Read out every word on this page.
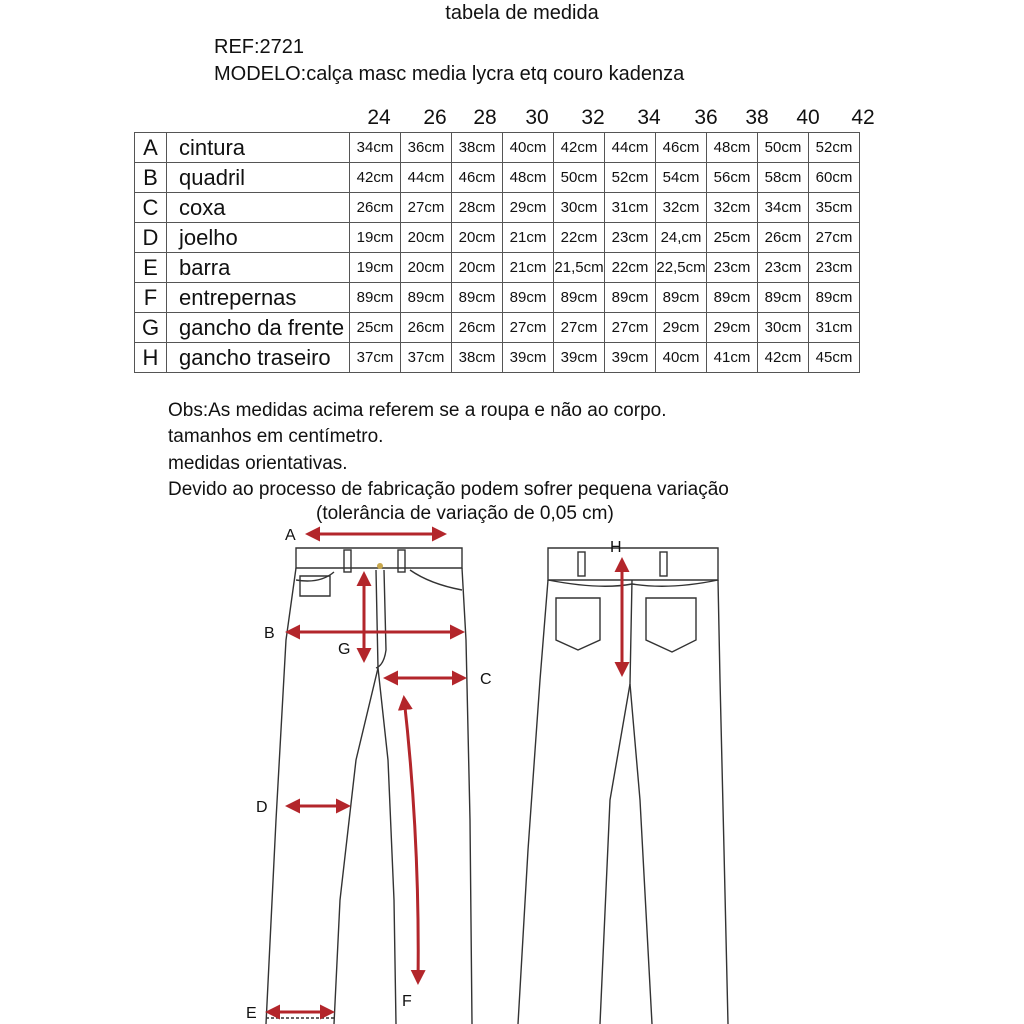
tabela de medida
REF:2721
MODELO:calça masc media lycra etq couro kadenza
24	26	28	30	32	34	36	38	40	42
A	cintura	34cm	36cm	38cm	40cm	42cm	44cm	46cm	48cm	50cm	52cm
B	quadril	42cm	44cm	46cm	48cm	50cm	52cm	54cm	56cm	58cm	60cm
C	coxa	26cm	27cm	28cm	29cm	30cm	31cm	32cm	32cm	34cm	35cm
D	joelho	19cm	20cm	20cm	21cm	22cm	23cm	24,cm	25cm	26cm	27cm
E	barra	19cm	20cm	20cm	21cm	21,5cm	22cm	22,5cm	23cm	23cm	23cm
F	entrepernas	89cm	89cm	89cm	89cm	89cm	89cm	89cm	89cm	89cm	89cm
G	gancho da frente	25cm	26cm	26cm	27cm	27cm	27cm	29cm	29cm	30cm	31cm
H	gancho traseiro	37cm	37cm	38cm	39cm	39cm	39cm	40cm	41cm	42cm	45cm
Obs:As medidas acima referem se a roupa e não ao corpo.
tamanhos em centímetro.
medidas orientativas.
Devido ao processo de fabricação podem sofrer pequena variação
(tolerância de variação de 0,05 cm)
A
B
G
C
D
F
E
H
